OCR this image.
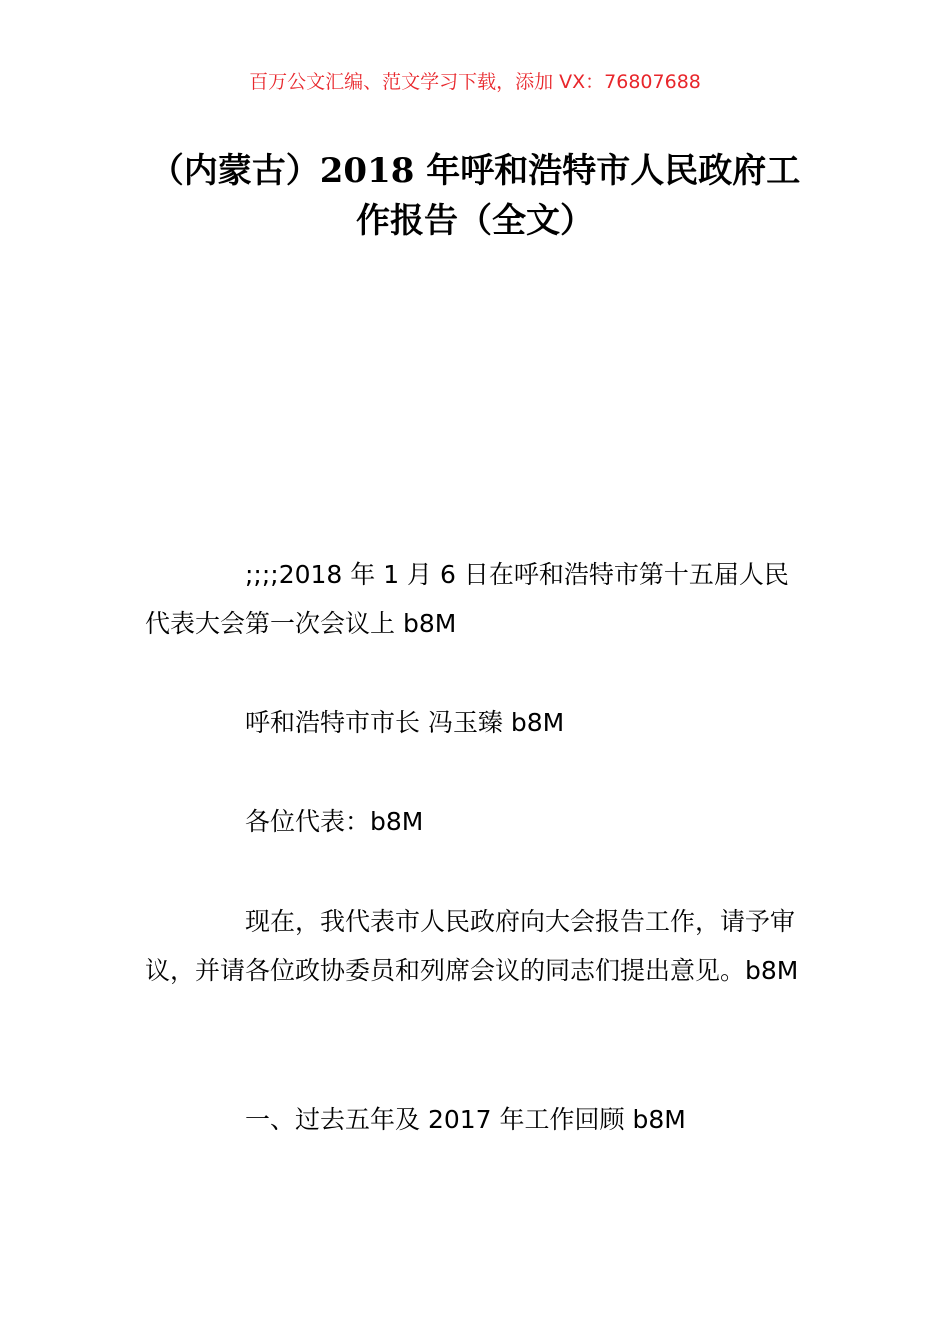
百万公文汇编、范文学习下载，添加 VX：76807688
（内蒙古）2018 年呼和浩特市人民政府工
作报告（全文）

;;;;2018 年 1 月 6 日在呼和浩特市第十五届人民代表大会第一次会议上 b8M

呼和浩特市市长 冯玉臻 b8M

各位代表：b8M

现在，我代表市人民政府向大会报告工作，请予审议，并请各位政协委员和列席会议的同志们提出意见。b8M

一、过去五年及 2017 年工作回顾 b8M
